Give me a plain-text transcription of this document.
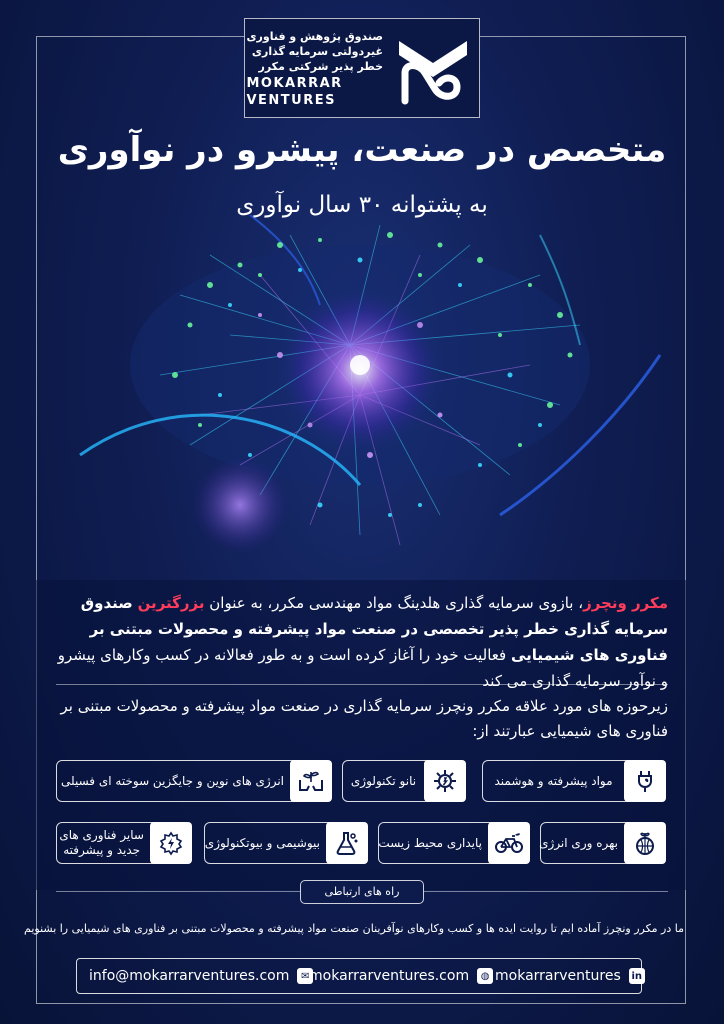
صندوق پژوهش و فناوری
غیردولتی سرمایه گذاری
خطر پذیر شرکتی مکرر
MOKARRAR
VENTURES
متخصص در صنعت، پیشرو در نوآوری
به پشتوانه ۳۰ سال نوآوری
مکرر ونچرز، بازوی سرمایه گذاری هلدینگ مواد مهندسی مکرر، به عنوان بزرگترین صندوق سرمایه گذاری خطر پذیر تخصصی در صنعت مواد پیشرفته و محصولات مبتنی بر فناوری های شیمیایی فعالیت خود را آغاز کرده است و به طور فعالانه در کسب وکارهای پیشرو و نوآور سرمایه گذاری می کند
زیرحوزه های مورد علاقه مکرر ونچرز سرمایه گذاری در صنعت مواد پیشرفته و محصولات مبتنی بر فناوری های شیمیایی عبارتند از:
مواد پیشرفته و هوشمند
نانو تکنولوژی
انرژی های نوین و جایگزین سوخته ای فسیلی
بهره وری انرژی
پایداری محیط زیست
بیوشیمی و بیوتکنولوژی
سایر فناوری های
جدید و پیشرفته
راه های ارتباطی
ما در مکرر ونچرز آماده ایم تا روایت ایده ها و کسب وکارهای نوآفرینان صنعت مواد پیشرفته و محصولات مبتنی بر فناوری های شیمیایی را بشنویم
info@mokarrarventures.com	✉ mokarrarventures.com	◍ mokarrarventures in
